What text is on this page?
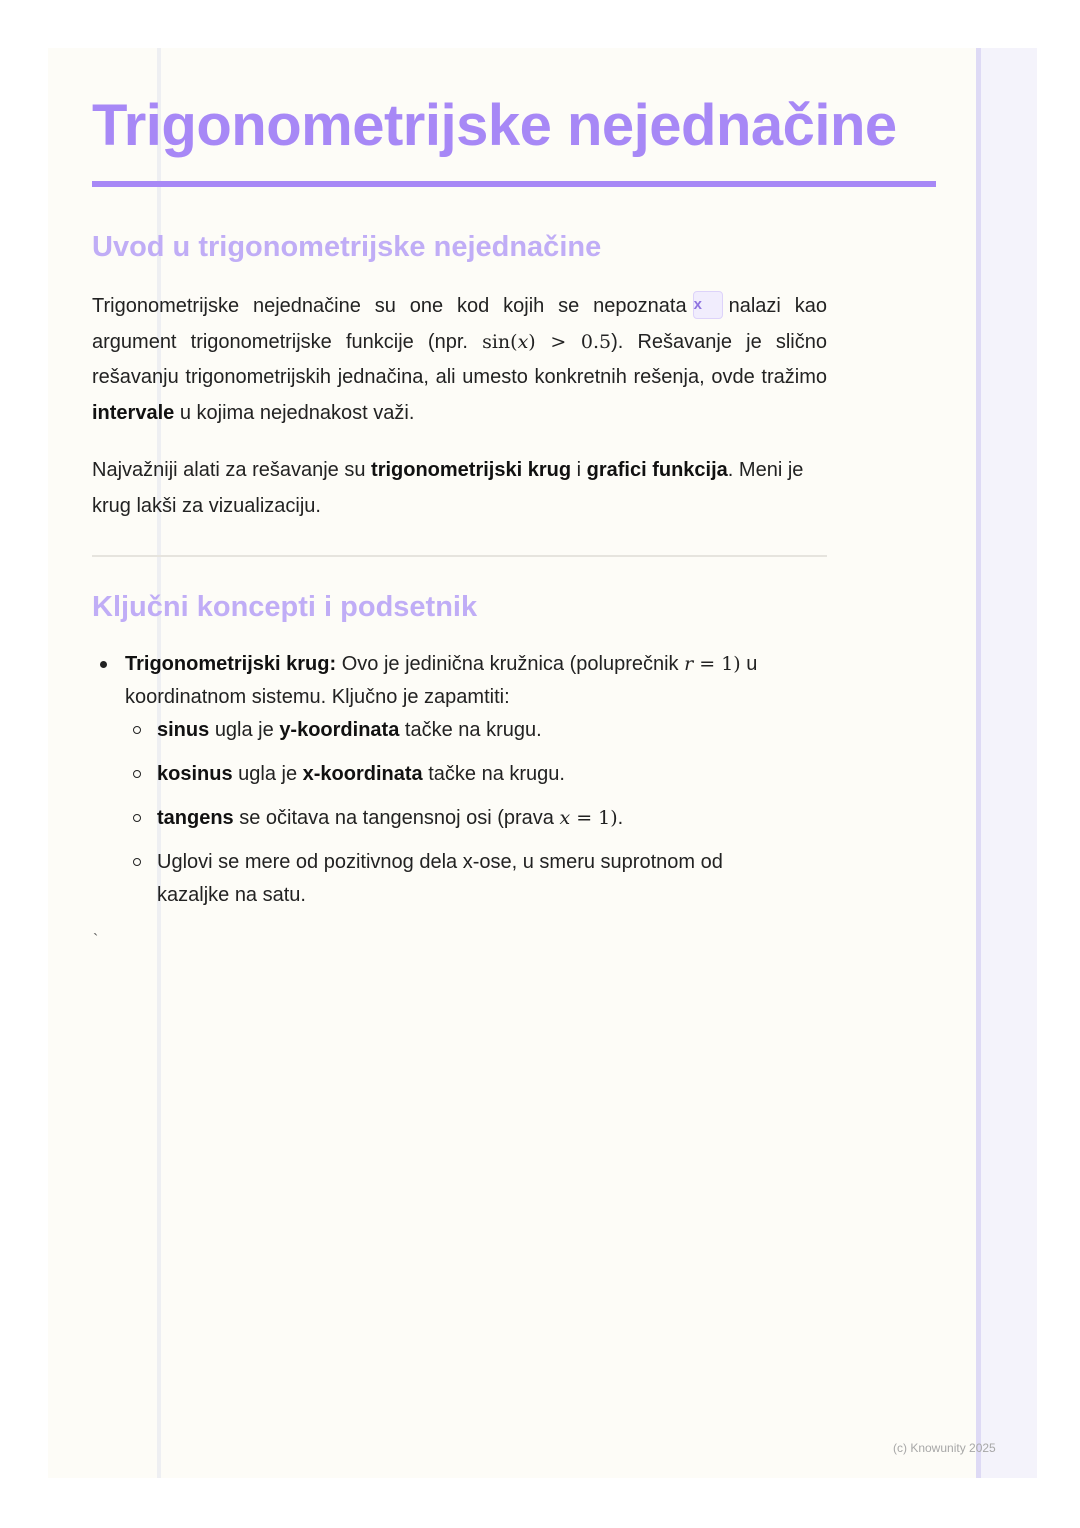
Trigonometrijske nejednačine
Uvod u trigonometrijske nejednačine
Trigonometrijske nejednačine su one kod kojih se nepoznata x nalazi kao argument trigonometrijske funkcije (npr. sin(x) > 0.5). Rešavanje je slično rešavanju trigonometrijskih jednačina, ali umesto konkretnih rešenja, ovde tražimo intervale u kojima nejednakost važi.
Najvažniji alati za rešavanje su trigonometrijski krug i grafici funkcija. Meni je krug lakši za vizualizaciju.
Ključni koncepti i podsetnik
Trigonometrijski krug: Ovo je jedinična kružnica (poluprečnik r = 1) u koordinatnom sistemu. Ključno je zapamtiti:
sinus ugla je y-koordinata tačke na krugu.
kosinus ugla je x-koordinata tačke na krugu.
tangens se očitava na tangensnoj osi (prava x = 1).
Uglovi se mere od pozitivnog dela x-ose, u smeru suprotnom od kazaljke na satu.
`
(c) Knowunity 2025
